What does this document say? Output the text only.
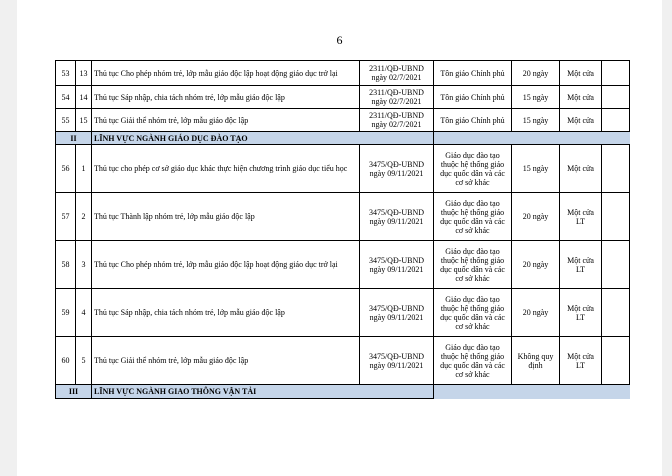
6
53	13	Thủ tục Cho phép nhóm trẻ, lớp mẫu giáo độc lập hoạt động giáo dục trở lại	2311/QĐ-UBND ngày 02/7/2021	Tôn giáo Chính phủ	20 ngày	Một cửa	
54	14	Thủ tục Sáp nhập, chia tách nhóm trẻ, lớp mẫu giáo độc lập	2311/QĐ-UBND ngày 02/7/2021	Tôn giáo Chính phủ	15 ngày	Một cửa	
55	15	Thủ tục Giải thể nhóm trẻ, lớp mẫu giáo độc lập	2311/QĐ-UBND ngày 02/7/2021	Tôn giáo Chính phủ	15 ngày	Một cửa	
II		LĨNH VỰC NGÀNH GIÁO DỤC ĐÀO TẠO					
56	1	Thủ tục cho phép cơ sở giáo dục khác thực hiện chương trình giáo dục tiểu học	3475/QĐ-UBND ngày 09/11/2021	Giáo dục đào tạo thuộc hệ thống giáo dục quốc dân và các cơ sở khác	15 ngày	Một cửa	
57	2	Thủ tục Thành lập nhóm trẻ, lớp mẫu giáo độc lập	3475/QĐ-UBND ngày 09/11/2021	Giáo dục đào tạo thuộc hệ thống giáo dục quốc dân và các cơ sở khác	20 ngày	Một cửa LT	
58	3	Thủ tục Cho phép nhóm trẻ, lớp mẫu giáo độc lập hoạt động giáo dục trở lại	3475/QĐ-UBND ngày 09/11/2021	Giáo dục đào tạo thuộc hệ thống giáo dục quốc dân và các cơ sở khác	20 ngày	Một cửa LT	
59	4	Thủ tục Sáp nhập, chia tách nhóm trẻ, lớp mẫu giáo độc lập	3475/QĐ-UBND ngày 09/11/2021	Giáo dục đào tạo thuộc hệ thống giáo dục quốc dân và các cơ sở khác	20 ngày	Một cửa LT	
60	5	Thủ tục Giải thể nhóm trẻ, lớp mẫu giáo độc lập	3475/QĐ-UBND ngày 09/11/2021	Giáo dục đào tạo thuộc hệ thống giáo dục quốc dân và các cơ sở khác	Không quy định	Một cửa LT	
III		LĨNH VỰC NGÀNH GIAO THÔNG VẬN TẢI					
